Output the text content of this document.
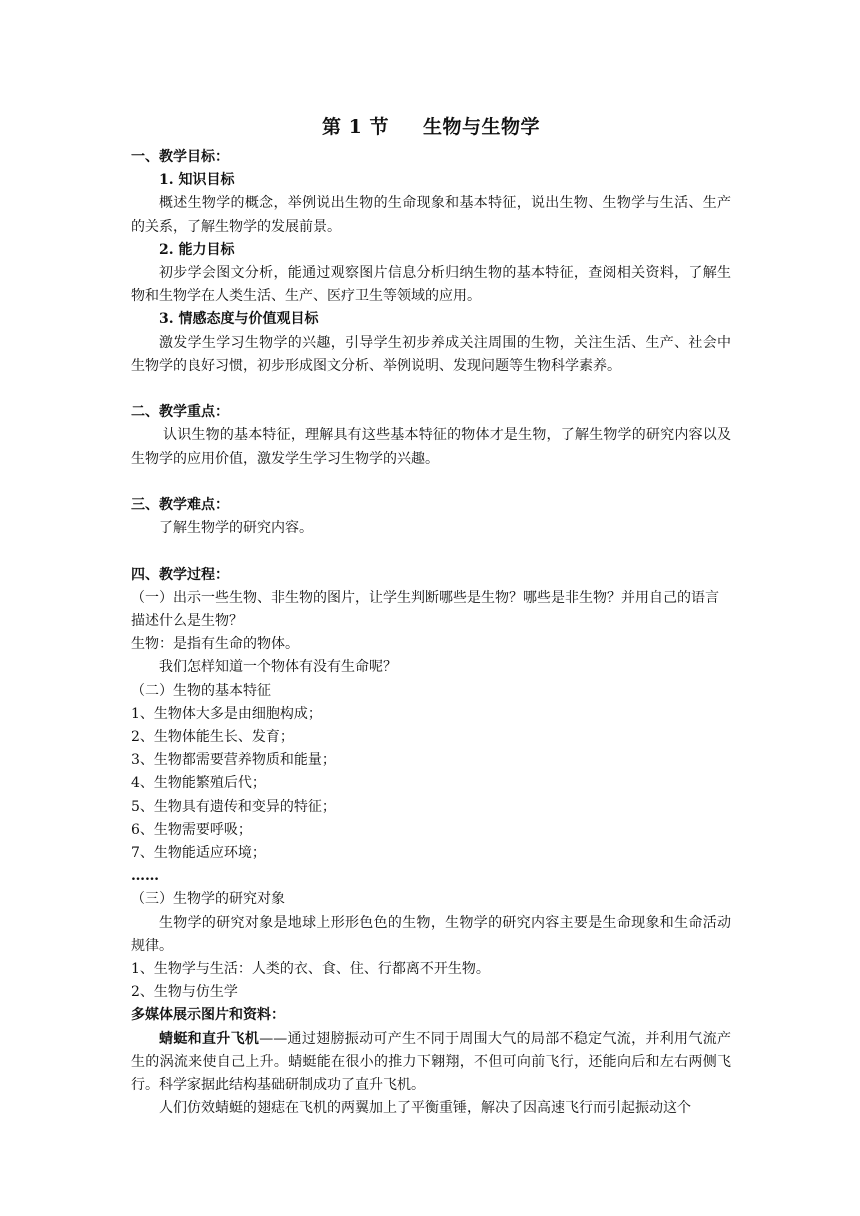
第 1 节 生物与生物学

一、教学目标：

1. 知识目标

概述生物学的概念，举例说出生物的生命现象和基本特征，说出生物、生物学与生活、生产的关系，了解生物学的发展前景。

2. 能力目标

初步学会图文分析，能通过观察图片信息分析归纳生物的基本特征，查阅相关资料，了解生物和生物学在人类生活、生产、医疗卫生等领域的应用。

3. 情感态度与价值观目标

激发学生学习生物学的兴趣，引导学生初步养成关注周围的生物，关注生活、生产、社会中生物学的良好习惯，初步形成图文分析、举例说明、发现问题等生物科学素养。

二、教学重点：

认识生物的基本特征，理解具有这些基本特征的物体才是生物，了解生物学的研究内容以及生物学的应用价值，激发学生学习生物学的兴趣。

三、教学难点：

了解生物学的研究内容。

四、教学过程：

（一）出示一些生物、非生物的图片，让学生判断哪些是生物？哪些是非生物？并用自己的语言描述什么是生物？

生物：是指有生命的物体。

我们怎样知道一个物体有没有生命呢？

（二）生物的基本特征

1、生物体大多是由细胞构成；

2、生物体能生长、发育；

3、生物都需要营养物质和能量；

4、生物能繁殖后代；

5、生物具有遗传和变异的特征；

6、生物需要呼吸；

7、生物能适应环境；

……

（三）生物学的研究对象

生物学的研究对象是地球上形形色色的生物，生物学的研究内容主要是生命现象和生命活动规律。

1、生物学与生活：人类的衣、食、住、行都离不开生物。

2、生物与仿生学

多媒体展示图片和资料：

蜻蜓和直升飞机——通过翅膀振动可产生不同于周围大气的局部不稳定气流，并利用气流产生的涡流来使自己上升。蜻蜓能在很小的推力下翱翔，不但可向前飞行，还能向后和左右两侧飞行。科学家据此结构基础研制成功了直升飞机。

人们仿效蜻蜓的翅痣在飞机的两翼加上了平衡重锤，解决了因高速飞行而引起振动这个
